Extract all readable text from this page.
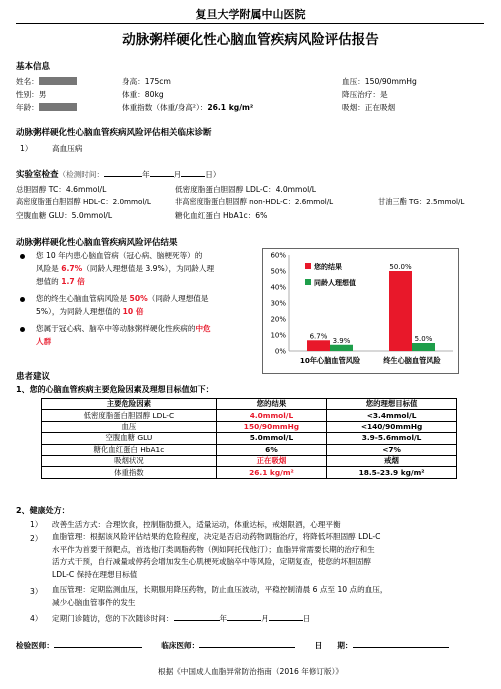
复旦大学附属中山医院
动脉粥样硬化性心脑血管疾病风险评估报告
基本信息
姓名：
性别：男
年龄：
身高：175cm
体重：80kg
体重指数（体重/身高²）：26.1 kg/m²
血压：150/90mmHg
降压治疗：是
吸烟：正在吸烟
动脉粥样硬化性心脑血管疾病风险评估相关临床诊断
1）	高血压病
实验室检查（检测时间：	年	月	日）
总胆固醇 TC：4.6mmol/L	低密度脂蛋白胆固醇 LDL-C：4.0mmol/L
高密度脂蛋白胆固醇 HDL-C：2.0mmol/L	非高密度脂蛋白胆固醇 non-HDL-C：2.6mmol/L	甘油三酯 TG：2.5mmol/L
空腹血糖 GLU：5.0mmol/L	糖化血红蛋白 HbA1c：6%
动脉粥样硬化性心脑血管疾病风险评估结果
您 10 年内患心脑血管病（冠心病、脑梗死等）的
风险是 6.7%（同龄人理想值是 3.9%），为同龄人理
想值的 1.7 倍
您的终生心脑血管病风险是 50%（同龄人理想值是
5%），为同龄人理想值的 10 倍
您属于冠心病、脑卒中等动脉粥样硬化性疾病的中危
人群
0%
10%
20%
30%
40%
50%
60%
6.7%
3.9%
10年心脑血管风险
50.0%
5.0%
终生心脑血管风险
您的结果
同龄人理想值
患者建议
1、您的心脑血管疾病主要危险因素及理想目标值如下：
主要危险因素	您的结果	您的理想目标值
低密度脂蛋白胆固醇 LDL-C	4.0mmol/L	<3.4mmol/L
血压	150/90mmHg	<140/90mmHg
空腹血糖 GLU	5.0mmol/L	3.9-5.6mmol/L
糖化血红蛋白 HbA1c	6%	<7%
吸烟状况	正在吸烟	戒烟
体重指数	26.1 kg/m²	18.5-23.9 kg/m²
2、健康处方：
1） 改善生活方式：合理饮食，控制脂肪摄入，适量运动，体重达标，戒烟限酒，心理平衡
2） 血脂管理：根据该风险评估结果的危险程度，决定是否启动药物调脂治疗，将降低坏胆固醇 LDL-C
水平作为首要干预靶点，首选他汀类调脂药物（例如阿托伐他汀）；血脂异常需要长期的治疗和生
活方式干预，自行减量或停药会增加发生心肌梗死或脑卒中等风险，定期复查，使您的坏胆固醇
LDL-C 保持在理想目标值
3） 血压管理：定期监测血压，长期服用降压药物，防止血压波动，平稳控制清晨 6 点至 10 点的血压，
减少心脑血管事件的发生
4） 定期门诊随访，您的下次随诊时间：	年	月	日
检验医师：	临床医师：	日　　期：
根据《中国成人血脂异常防治指南（2016 年修订版）》
